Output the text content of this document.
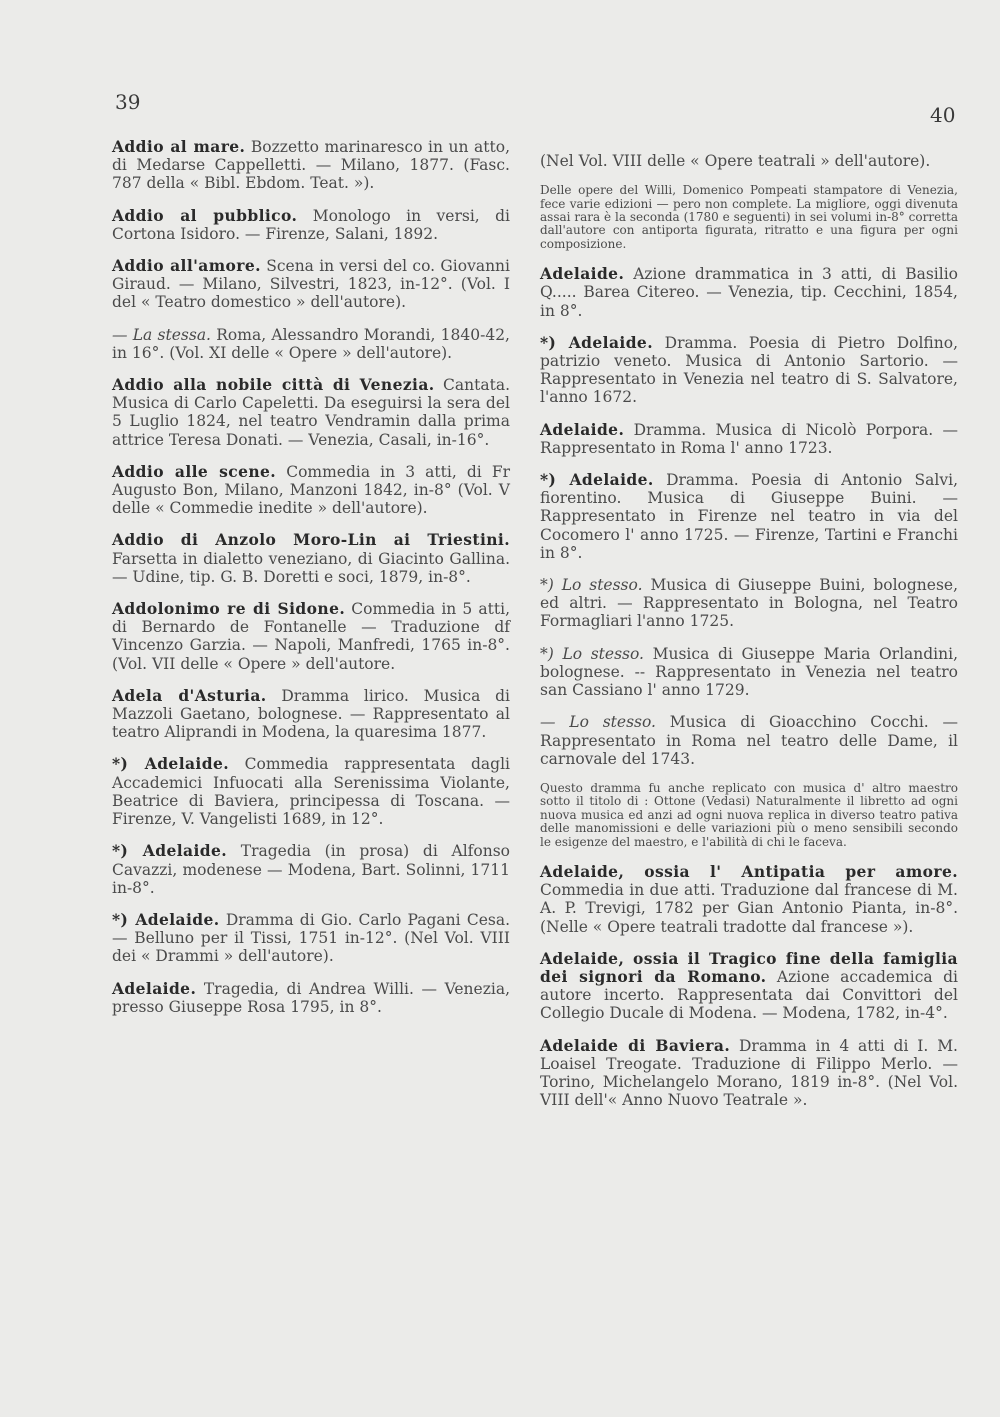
39
40
Addio al mare. Bozzetto marinaresco in un atto, di Medarse Cappelletti. — Milano, 1877. (Fasc. 787 della « Bibl. Ebdom. Teat. »).
Addio al pubblico. Monologo in versi, di Cortona Isidoro. — Firenze, Salani, 1892.
Addio all'amore. Scena in versi del co. Giovanni Giraud. — Milano, Silvestri, 1823, in-12°. (Vol. I del « Teatro domestico » dell'autore).
— La stessa. Roma, Alessandro Morandi, 1840-42, in 16°. (Vol. XI delle « Opere » dell'autore).
Addio alla nobile città di Venezia. Cantata. Musica di Carlo Capeletti. Da eseguirsi la sera del 5 Luglio 1824, nel teatro Vendramin dalla prima attrice Teresa Donati. — Venezia, Casali, in-16°.
Addio alle scene. Commedia in 3 atti, di Fr Augusto Bon, Milano, Manzoni 1842, in-8° (Vol. V delle « Commedie inedite » dell'autore).
Addio di Anzolo Moro-Lin ai Triestini. Farsetta in dialetto veneziano, di Giacinto Gallina. — Udine, tip. G. B. Doretti e soci, 1879, in-8°.
Addolonimo re di Sidone. Commedia in 5 atti, di Bernardo de Fontanelle — Traduzione df Vincenzo Garzia. — Napoli, Manfredi, 1765 in-8°. (Vol. VII delle « Opere » dell'autore.
Adela d'Asturia. Dramma lirico. Musica di Mazzoli Gaetano, bolognese. — Rappresentato al teatro Aliprandi in Modena, la quaresima 1877.
*) Adelaide. Commedia rappresentata dagli Accademici Infuocati alla Serenissima Violante, Beatrice di Baviera, principessa di Toscana. — Firenze, V. Vangelisti 1689, in 12°.
*) Adelaide. Tragedia (in prosa) di Alfonso Cavazzi, modenese — Modena, Bart. Solinni, 1711 in-8°.
*) Adelaide. Dramma di Gio. Carlo Pagani Cesa. — Belluno per il Tissi, 1751 in-12°. (Nel Vol. VIII dei « Drammi » dell'autore).
Adelaide. Tragedia, di Andrea Willi. — Venezia, presso Giuseppe Rosa 1795, in 8°.
(Nel Vol. VIII delle « Opere teatrali » dell'autore).
Delle opere del Willi, Domenico Pompeati stampatore di Venezia, fece varie edizioni — pero non complete. La migliore, oggi divenuta assai rara è la seconda (1780 e seguenti) in sei volumi in-8° corretta dall'autore con antiporta figurata, ritratto e una figura per ogni composizione.
Adelaide. Azione drammatica in 3 atti, di Basilio Q..... Barea Citereo. — Venezia, tip. Cecchini, 1854, in 8°.
*) Adelaide. Dramma. Poesia di Pietro Dolfino, patrizio veneto. Musica di Antonio Sartorio. — Rappresentato in Venezia nel teatro di S. Salvatore, l'anno 1672.
Adelaide. Dramma. Musica di Nicolò Porpora. — Rappresentato in Roma l' anno 1723.
*) Adelaide. Dramma. Poesia di Antonio Salvi, fiorentino. Musica di Giuseppe Buini. — Rappresentato in Firenze nel teatro in via del Cocomero l' anno 1725. — Firenze, Tartini e Franchi in 8°.
*) Lo stesso. Musica di Giuseppe Buini, bolognese, ed altri. — Rappresentato in Bologna, nel Teatro Formagliari l'anno 1725.
*) Lo stesso. Musica di Giuseppe Maria Orlandini, bolognese. -- Rappresentato in Venezia nel teatro san Cassiano l' anno 1729.
— Lo stesso. Musica di Gioacchino Cocchi. — Rappresentato in Roma nel teatro delle Dame, il carnovale del 1743.
Questo dramma fu anche replicato con musica d' altro maestro sotto il titolo di : Ottone (Vedasi) Naturalmente il libretto ad ogni nuova musica ed anzi ad ogni nuova replica in diverso teatro pativa delle manomissioni e delle variazioni più o meno sensibili secondo le esigenze del maestro, e l'abilità di chi le faceva.
Adelaide, ossia l' Antipatia per amore. Commedia in due atti. Traduzione dal francese di M. A. P. Trevigi, 1782 per Gian Antonio Pianta, in-8°. (Nelle « Opere teatrali tradotte dal francese »).
Adelaide, ossia il Tragico fine della famiglia dei signori da Romano. Azione accademica di autore incerto. Rappresentata dai Convittori del Collegio Ducale di Modena. — Modena, 1782, in-4°.
Adelaide di Baviera. Dramma in 4 atti di I. M. Loaisel Treogate. Traduzione di Filippo Merlo. — Torino, Michelangelo Morano, 1819 in-8°. (Nel Vol. VIII dell'« Anno Nuovo Teatrale ».
